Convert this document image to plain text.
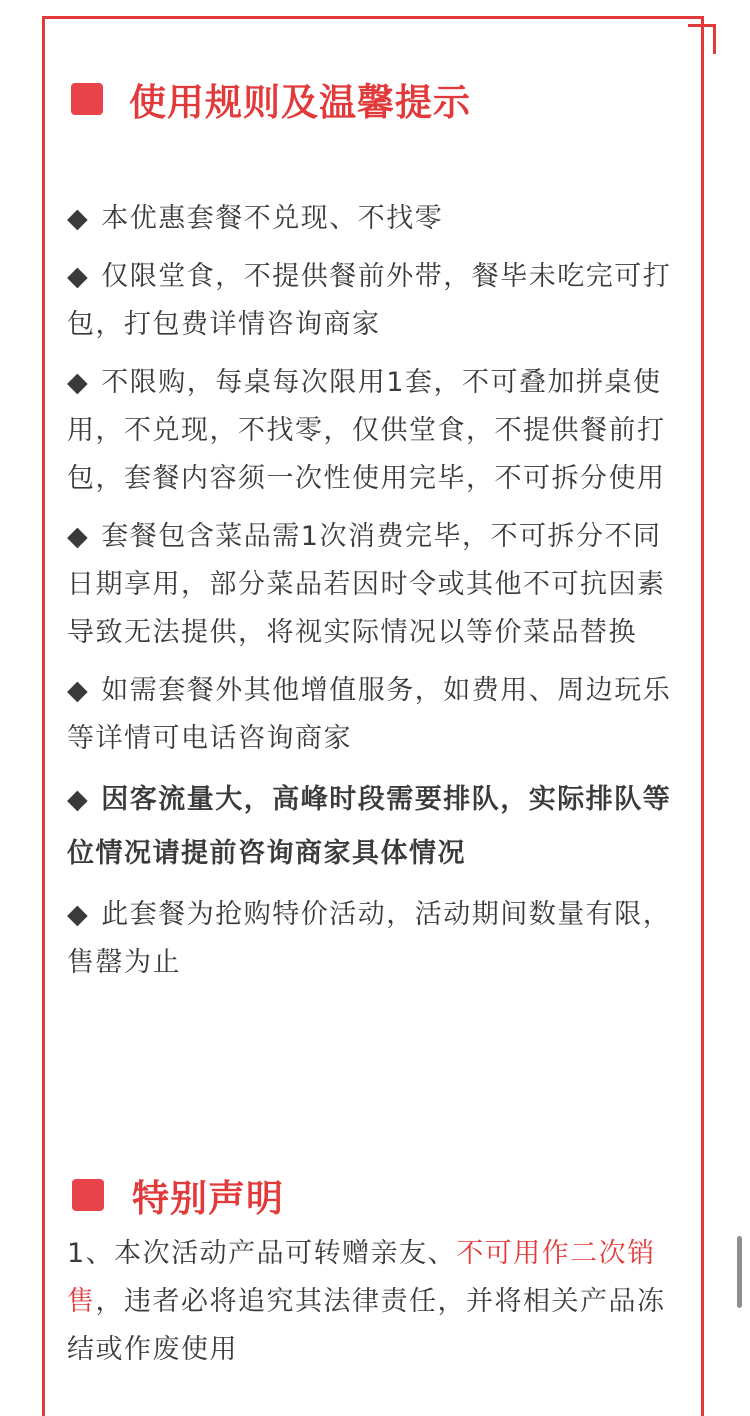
使用规则及温馨提示
◆ 本优惠套餐不兑现、不找零
◆ 仅限堂食，不提供餐前外带，餐毕未吃完可打包，打包费详情咨询商家
◆ 不限购，每桌每次限用1套，不可叠加拼桌使用，不兑现，不找零，仅供堂食，不提供餐前打包，套餐内容须一次性使用完毕，不可拆分使用
◆ 套餐包含菜品需1次消费完毕，不可拆分不同日期享用，部分菜品若因时令或其他不可抗因素导致无法提供，将视实际情况以等价菜品替换
◆ 如需套餐外其他增值服务，如费用、周边玩乐等详情可电话咨询商家
◆ 因客流量大，高峰时段需要排队，实际排队等位情况请提前咨询商家具体情况
◆ 此套餐为抢购特价活动，活动期间数量有限，售罄为止
特别声明

1、本次活动产品可转赠亲友、不可用作二次销售，违者必将追究其法律责任，并将相关产品冻结或作废使用
